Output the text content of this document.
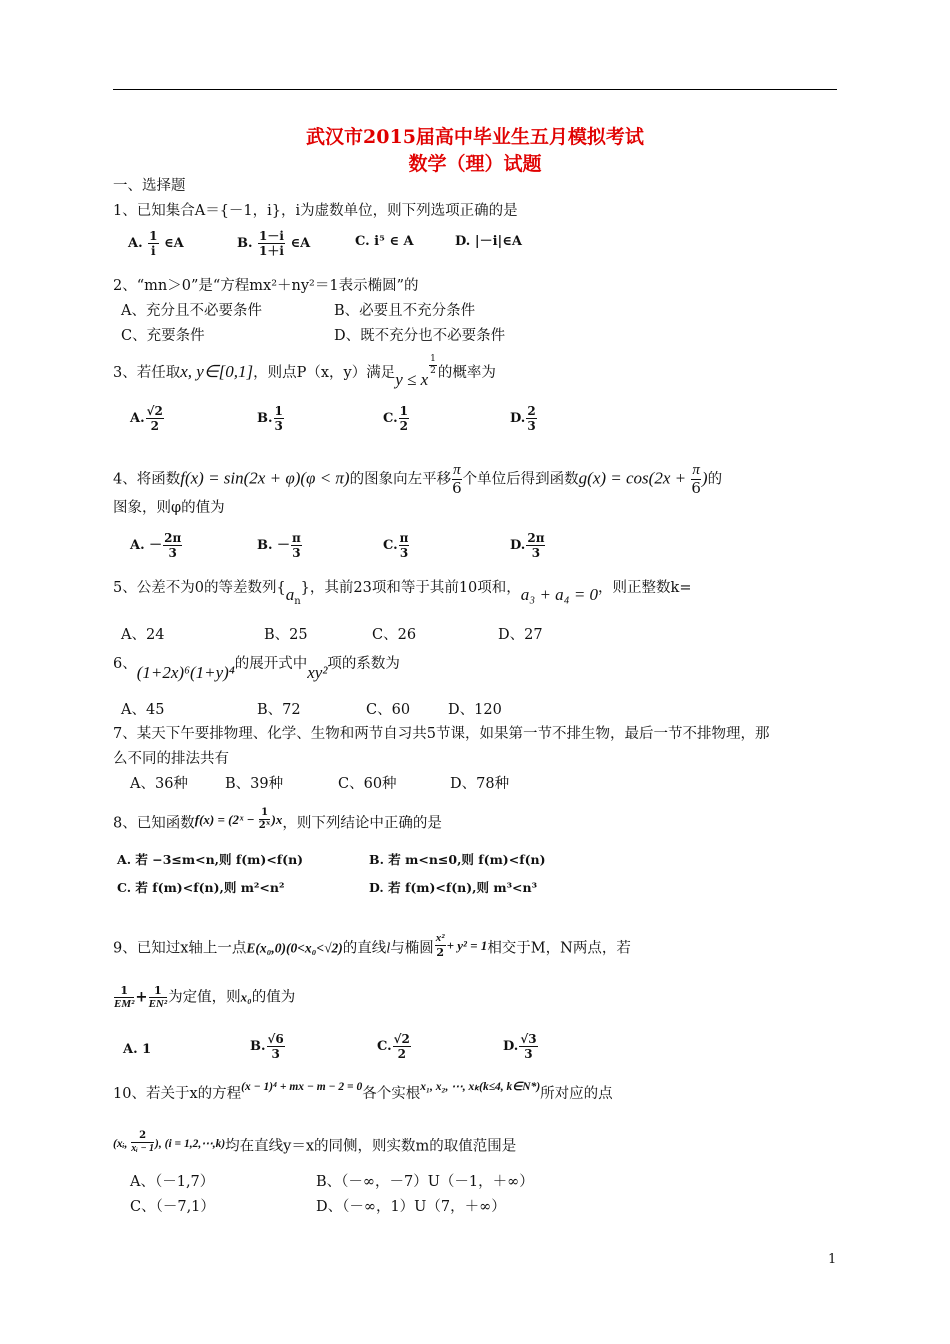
武汉市2015届高中毕业生五月模拟考试
数学（理）试题
一、选择题
1、已知集合A＝{－1，i}，i为虚数单位，则下列选项正确的是
A. $\frac{1}{i}$ ∈A	B. $\frac{1-i}{1+i}$ ∈A	C. i⁵ ∈ A	D. |－i|∈A
2、“mn＞0”是“方程mx²＋ny²＝1表示椭圆”的
A、充分且不必要条件	B、必要且不充分条件
C、充要条件	D、既不充分也不必要条件
3、若任取x, y∈[0,1]，则点P（x，y）满足y ≤ x
$\frac{1}{2}$ 的概率为
A. $\frac{√2}{2}$	B. $\frac{1}{3}$	C. $\frac{1}{2}$	D. $\frac{2}{3}$
4、将函数f(x) = sin(2x + φ)(φ < π)的图象向左平移 $\frac{\pi}{6}$ 个单位后得到函数$g(x) = \cos(2x + \frac{\pi}{6}$ )的
图象，则φ的值为
A. － $\frac{2\pi}{3}$	B. － $\frac{\pi}{3}$	C. $\frac{\pi}{3}$	D. $\frac{2\pi}{3}$
5、公差不为0的等差数列$\{a_n\}$，其前23项和等于其前10项和，a₃ + a₄ = 0，则正整数k=
A、24	B、25	C、26	D、27
6、(1+2x)⁶(1+y)⁴的展开式中xy²项的系数为
A、45	B、72	C、60	D、120
7、某天下午要排物理、化学、生物和两节自习共5节课，如果第一节不排生物，最后一节不排物理，那
么不同的排法共有
A、36种	B、39种	C、60种	D、78种
8、已知函数f(x) = (2ˣ − $\frac{1}{\text{2ˣ}} )x$，则下列结论中正确的是
A. 若 −3≤m<n,则 f(m)<f(n)	B. 若 m<n≤0,则 f(m)<f(n)
C. 若 f(m)<f(n),则 m²<n²	D. 若 f(m)<f(n),则 m³<n³
9、已知过x轴上一点E(x₀,0)(0<x₀<√2)的直线l与椭圆 $\frac{\text{x²}}{2} + y^2 = 1$相交于M，N两点，若
$\frac{1}{\text{EM²}} + \frac{1}{\text{EN²}}$ 为定值，则x₀的值为
A. 1	B. $\frac{√6}{3}$	C. $\frac{√2}{2}$	D. $\frac{√3}{3}$
10、若关于x的方程$^{(x - 1)^4 + mx - m - 2 = 0}$各个实根$^{x_1, x_2, \cdots, x_k(k\le 4, k\in N*)}$所对应的点
$^{(xᵢ,} \frac{2}{\text{xᵢ − 1}} ^{), (i = 1,2,\cdots,k)}$均在直线y＝x的同侧，则实数m的取值范围是
A、（－1,7）	B、（－∞，－7）U（－1，＋∞）
C、（－7,1）	D、（－∞，1）U（7，＋∞）
1
